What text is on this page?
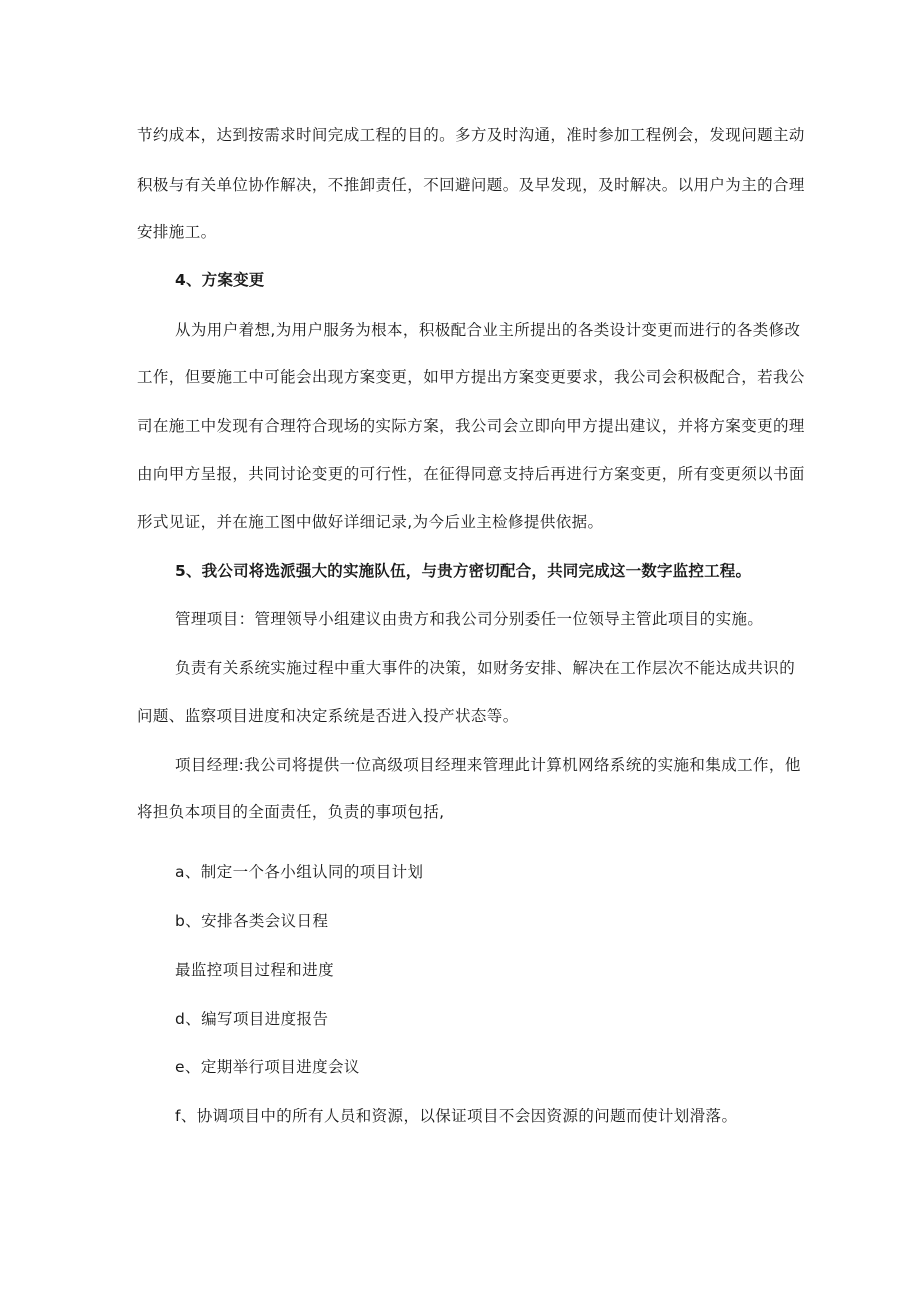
节约成本，达到按需求时间完成工程的目的。多方及时沟通，准时参加工程例会，发现问题主动
积极与有关单位协作解决，不推卸责任，不回避问题。及早发现，及时解决。以用户为主的合理
安排施工。
4、方案变更
从为用户着想,为用户服务为根本，积极配合业主所提出的各类设计变更而进行的各类修改
工作，但要施工中可能会出现方案变更，如甲方提出方案变更要求，我公司会积极配合，若我公
司在施工中发现有合理符合现场的实际方案，我公司会立即向甲方提出建议，并将方案变更的理
由向甲方呈报，共同讨论变更的可行性，在征得同意支持后再进行方案变更，所有变更须以书面
形式见证，并在施工图中做好详细记录,为今后业主检修提供依据。
5、我公司将选派强大的实施队伍，与贵方密切配合，共同完成这一数字监控工程。
管理项目：管理领导小组建议由贵方和我公司分别委任一位领导主管此项目的实施。
负责有关系统实施过程中重大事件的决策，如财务安排、解决在工作层次不能达成共识的
问题、监察项目进度和决定系统是否进入投产状态等。
项目经理:我公司将提供一位高级项目经理来管理此计算机网络系统的实施和集成工作，他
将担负本项目的全面责任，负责的事项包括,
a、制定一个各小组认同的项目计划
b、安排各类会议日程
最监控项目过程和进度
d、编写项目进度报告
e、定期举行项目进度会议
f、协调项目中的所有人员和资源，以保证项目不会因资源的问题而使计划滑落。
